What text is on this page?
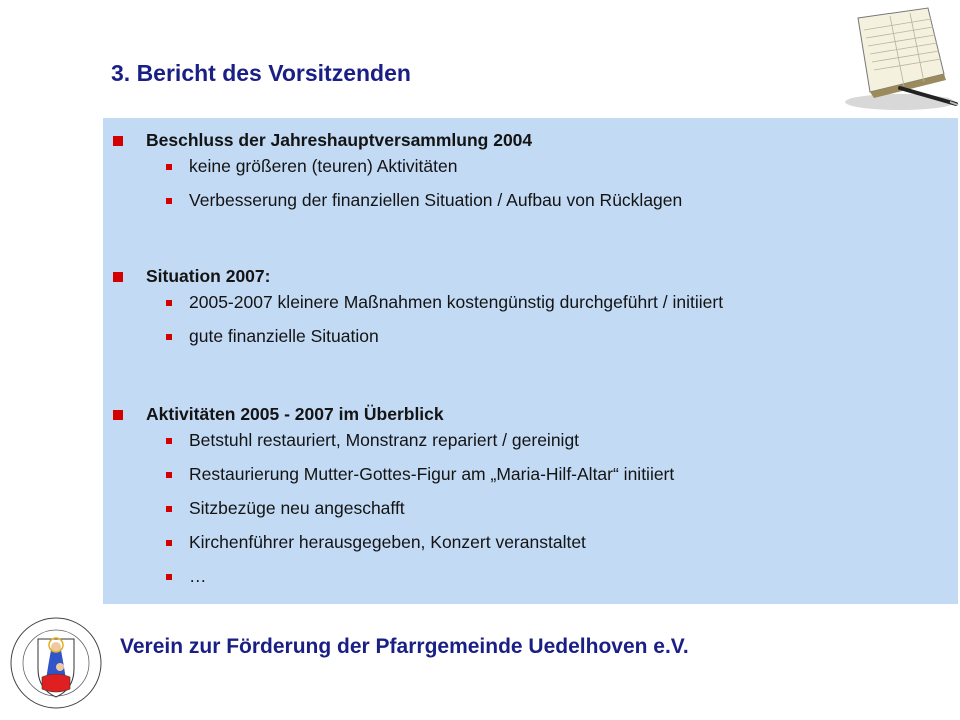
3. Bericht des Vorsitzenden
Beschluss der Jahreshauptversammlung 2004
keine größeren (teuren) Aktivitäten
Verbesserung der finanziellen Situation / Aufbau von Rücklagen
Situation 2007:
2005-2007 kleinere Maßnahmen kostengünstig durchgeführt / initiiert
gute finanzielle Situation
Aktivitäten 2005 - 2007 im Überblick
Betstuhl restauriert, Monstranz repariert / gereinigt
Restaurierung Mutter-Gottes-Figur am „Maria-Hilf-Altar“ initiiert
Sitzbezüge neu angeschafft
Kirchenführer herausgegeben, Konzert veranstaltet
…
Verein zur Förderung der Pfarrgemeinde Uedelhoven e.V.
